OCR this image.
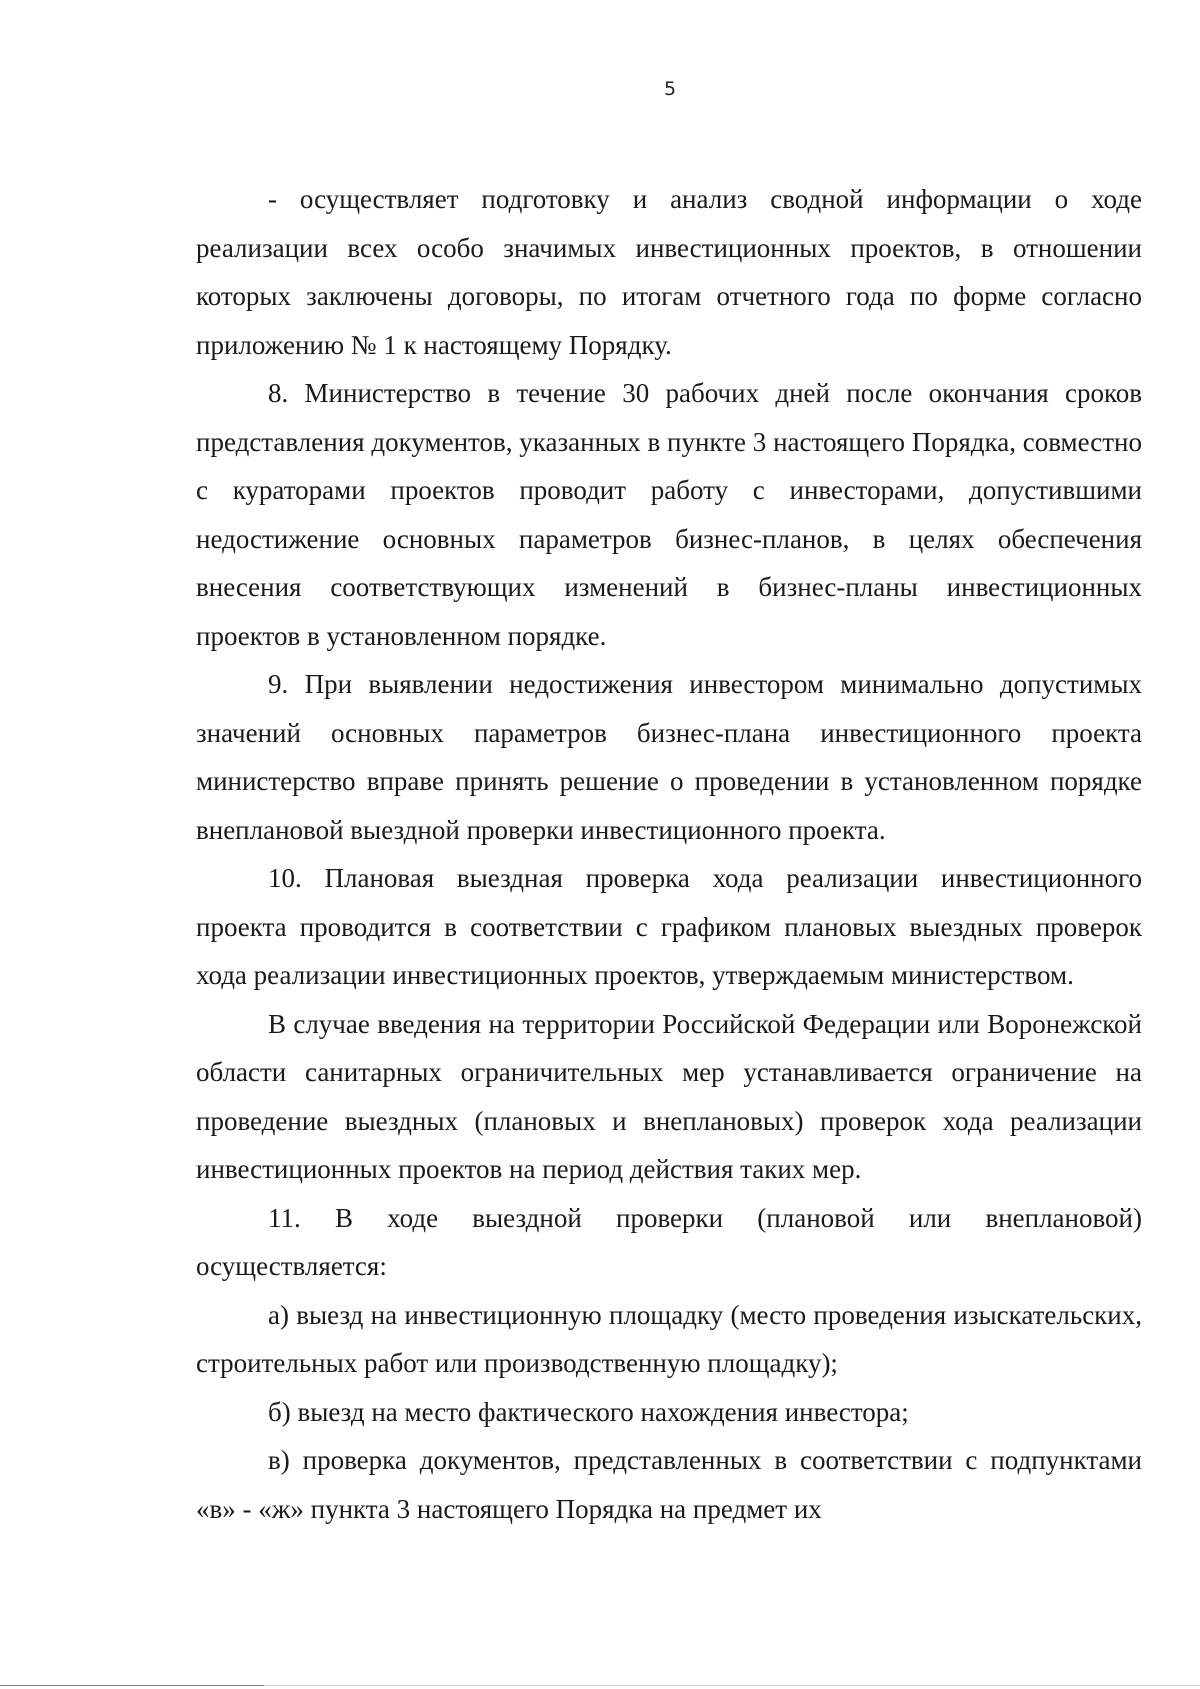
5

- осуществляет подготовку и анализ сводной информации о ходе реализации всех особо значимых инвестиционных проектов, в отношении которых заключены договоры, по итогам отчетного года по форме согласно приложению № 1 к настоящему Порядку.

8. Министерство в течение 30 рабочих дней после окончания сроков представления документов, указанных в пункте 3 настоящего Порядка, совместно с кураторами проектов проводит работу с инвесторами, допустившими недостижение основных параметров бизнес-планов, в целях обеспечения внесения соответствующих изменений в бизнес-планы инвестиционных проектов в установленном порядке.

9. При выявлении недостижения инвестором минимально допустимых значений основных параметров бизнес-плана инвестиционного проекта министерство вправе принять решение о проведении в установленном порядке внеплановой выездной проверки инвестиционного проекта.

10. Плановая выездная проверка хода реализации инвестиционного проекта проводится в соответствии с графиком плановых выездных проверок хода реализации инвестиционных проектов, утверждаемым министерством.

В случае введения на территории Российской Федерации или Воронежской области санитарных ограничительных мер устанавливается ограничение на проведение выездных (плановых и внеплановых) проверок хода реализации инвестиционных проектов на период действия таких мер.

11. В ходе выездной проверки (плановой или внеплановой) осуществляется:

а) выезд на инвестиционную площадку (место проведения изыскательских, строительных работ или производственную площадку);

б) выезд на место фактического нахождения инвестора;

в) проверка документов, представленных в соответствии с подпунктами «в» - «ж» пункта 3 настоящего Порядка на предмет их
